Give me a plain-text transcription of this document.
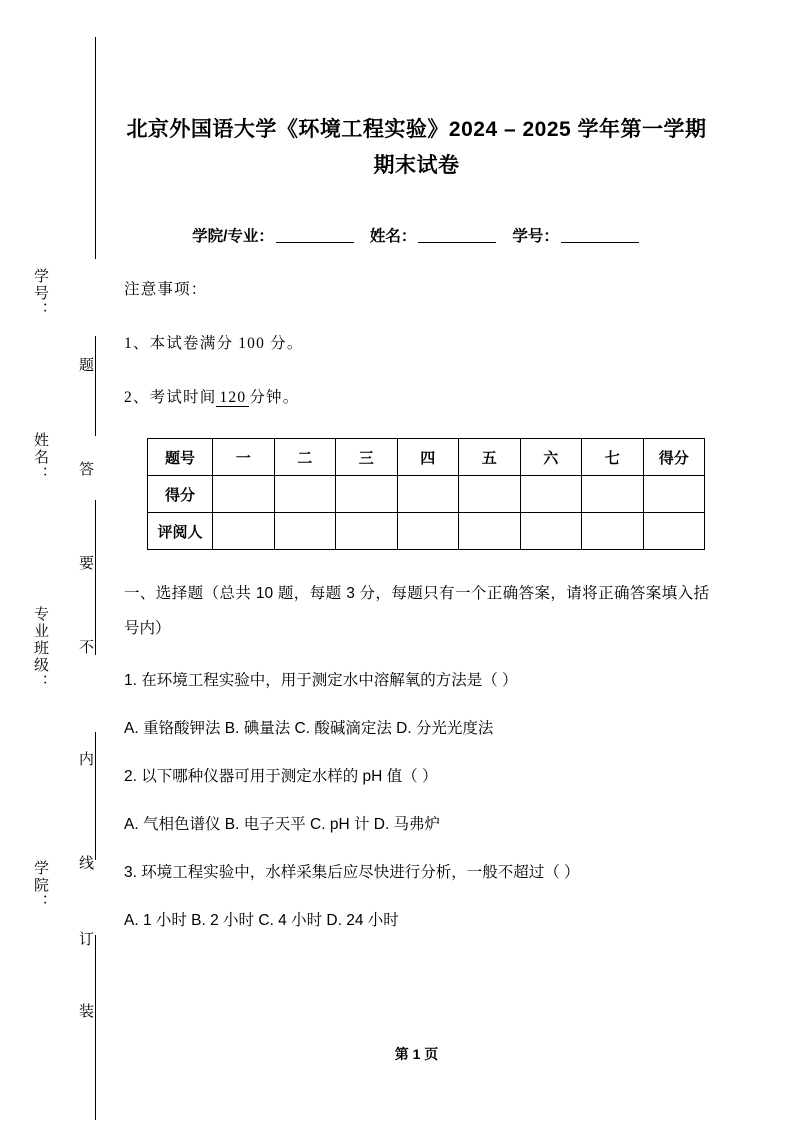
学号：
姓名：
专业班级：
学院：
题
答
要
不
内
线
订
装
北京外国语大学《环境工程实验》2024 – 2025 学年第一学期期末试卷
学院/专业：	姓名：	学号：
注意事项：
1、本试卷满分 100 分。
2、考试时间 120 分钟。
题号	一	二	三	四	五	六	七	得分
得分								
评阅人								
一、选择题（总共 10 题，每题 3 分，每题只有一个正确答案，请将正确答案填入括号内）
1. 在环境工程实验中，用于测定水中溶解氧的方法是（ ）
A. 重铬酸钾法 B. 碘量法 C. 酸碱滴定法 D. 分光光度法
2. 以下哪种仪器可用于测定水样的 pH 值（ ）
A. 气相色谱仪 B. 电子天平 C. pH 计 D. 马弗炉
3. 环境工程实验中，水样采集后应尽快进行分析，一般不超过（ ）
A. 1 小时 B. 2 小时 C. 4 小时 D. 24 小时
第 1 页
